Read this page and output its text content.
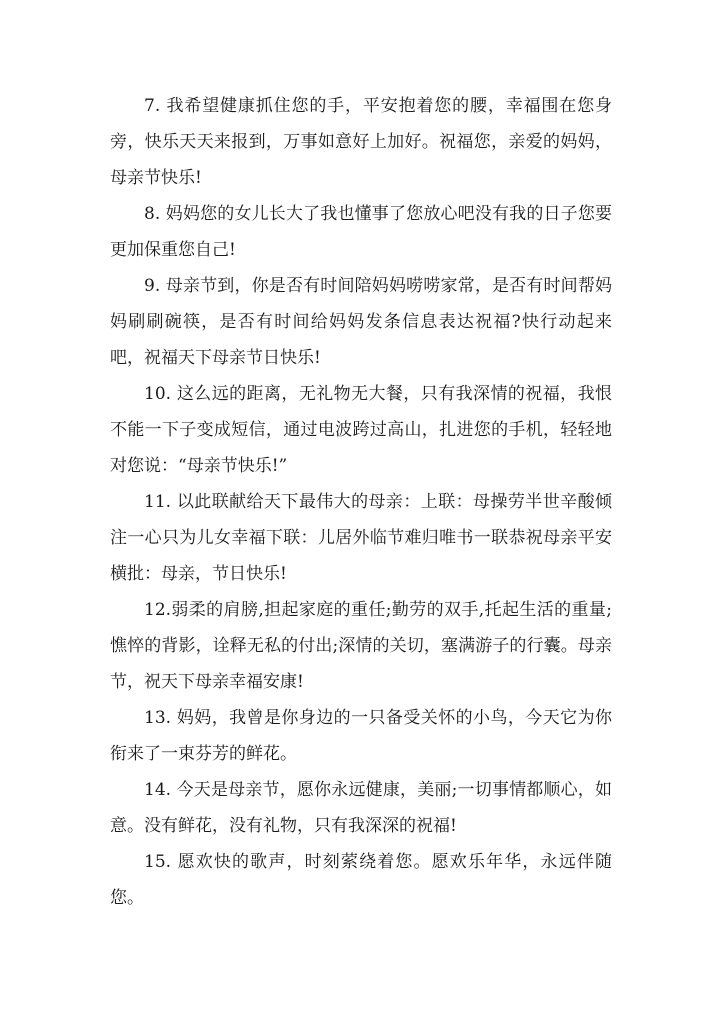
7. 我希望健康抓住您的手，平安抱着您的腰，幸福围在您身旁，快乐天天来报到，万事如意好上加好。祝福您，亲爱的妈妈，母亲节快乐!

8. 妈妈您的女儿长大了我也懂事了您放心吧没有我的日子您要更加保重您自己!

9. 母亲节到，你是否有时间陪妈妈唠唠家常，是否有时间帮妈妈刷刷碗筷，是否有时间给妈妈发条信息表达祝福?快行动起来吧，祝福天下母亲节日快乐!

10. 这么远的距离，无礼物无大餐，只有我深情的祝福，我恨不能一下子变成短信，通过电波跨过高山，扎进您的手机，轻轻地对您说：“母亲节快乐!”

11. 以此联献给天下最伟大的母亲：上联：母操劳半世辛酸倾注一心只为儿女幸福下联：儿居外临节难归唯书一联恭祝母亲平安横批：母亲，节日快乐!

12.弱柔的肩膀,担起家庭的重任;勤劳的双手,托起生活的重量;憔悴的背影，诠释无私的付出;深情的关切，塞满游子的行囊。母亲节，祝天下母亲幸福安康!

13. 妈妈，我曾是你身边的一只备受关怀的小鸟，今天它为你衔来了一束芬芳的鲜花。

14. 今天是母亲节，愿你永远健康，美丽;一切事情都顺心，如意。没有鲜花，没有礼物，只有我深深的祝福!

15. 愿欢快的歌声，时刻萦绕着您。愿欢乐年华，永远伴随您。
